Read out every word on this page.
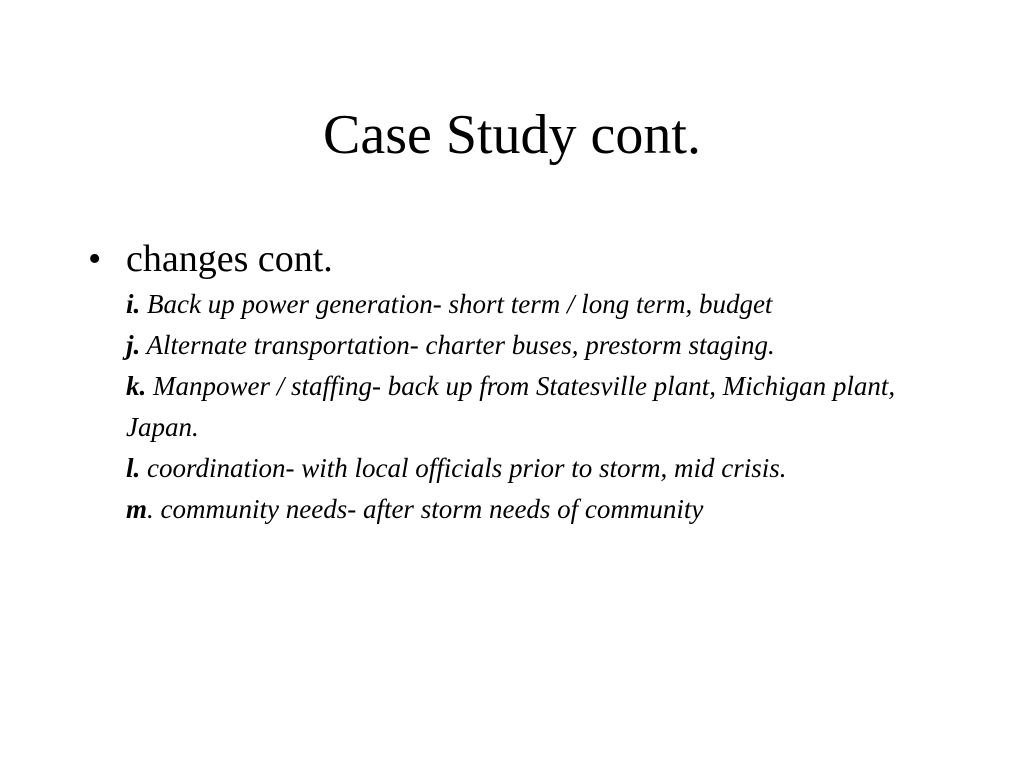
Case Study cont.
• changes cont.

i. Back up power generation- short term / long term, budget

j. Alternate transportation- charter buses, prestorm staging.

k. Manpower / staffing- back up from Statesville plant, Michigan plant, Japan.

l. coordination- with local officials prior to storm, mid crisis.

m. community needs- after storm needs of community
